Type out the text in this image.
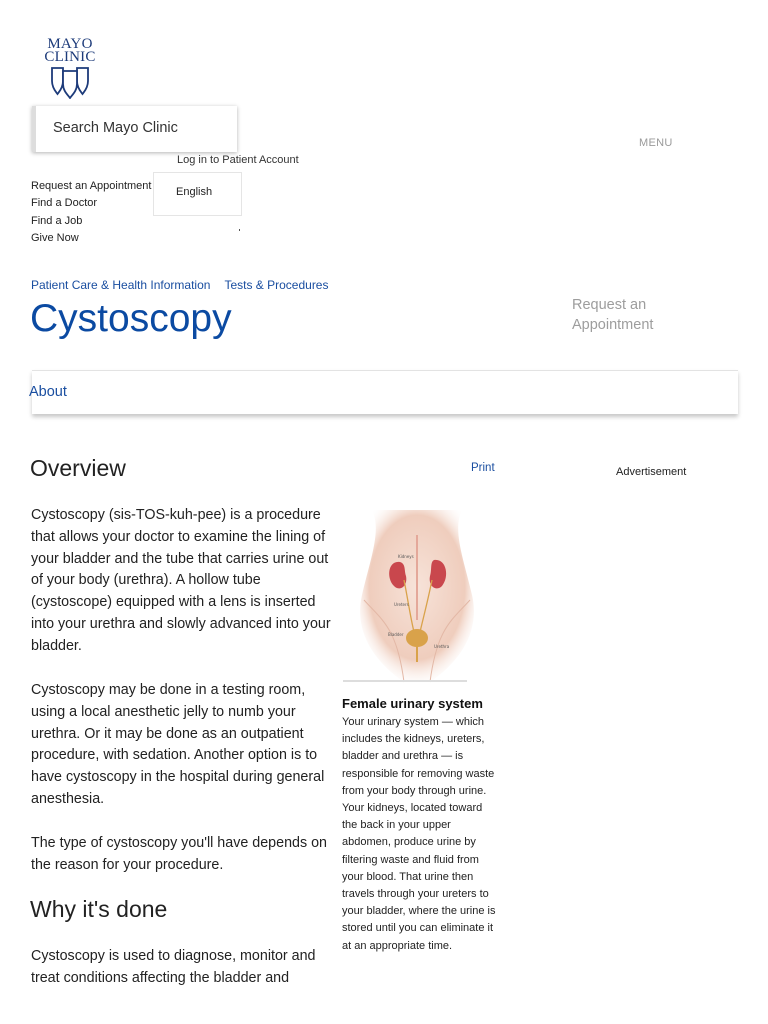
MAYO
CLINIC
Search Mayo Clinic
MENU
Log in to Patient Account
Request an Appointment
Find a Doctor
Find a Job
Give Now
English
Patient Care & Health Information Tests & Procedures
Cystoscopy	Request an
Appointment
About
Overview	Print	Advertisement

Cystoscopy (sis-TOS-kuh-pee) is a procedure that allows your doctor to examine the lining of your bladder and the tube that carries urine out of your body (urethra). A hollow tube (cystoscope) equipped with a lens is inserted into your urethra and slowly advanced into your bladder.

Cystoscopy may be done in a testing room, using a local anesthetic jelly to numb your urethra. Or it may be done as an outpatient procedure, with sedation. Another option is to have cystoscopy in the hospital during general anesthesia.

The type of cystoscopy you'll have depends on the reason for your procedure.

Why it's done

Cystoscopy is used to diagnose, monitor and treat conditions affecting the bladder and

Kidneys
Ureters
Bladder
Urethra
Female urinary system
Your urinary system — which includes the kidneys, ureters, bladder and urethra — is responsible for removing waste from your body through urine. Your kidneys, located toward the back in your upper abdomen, produce urine by filtering waste and fluid from your blood. That urine then travels through your ureters to your bladder, where the urine is stored until you can eliminate it at an appropriate time.
